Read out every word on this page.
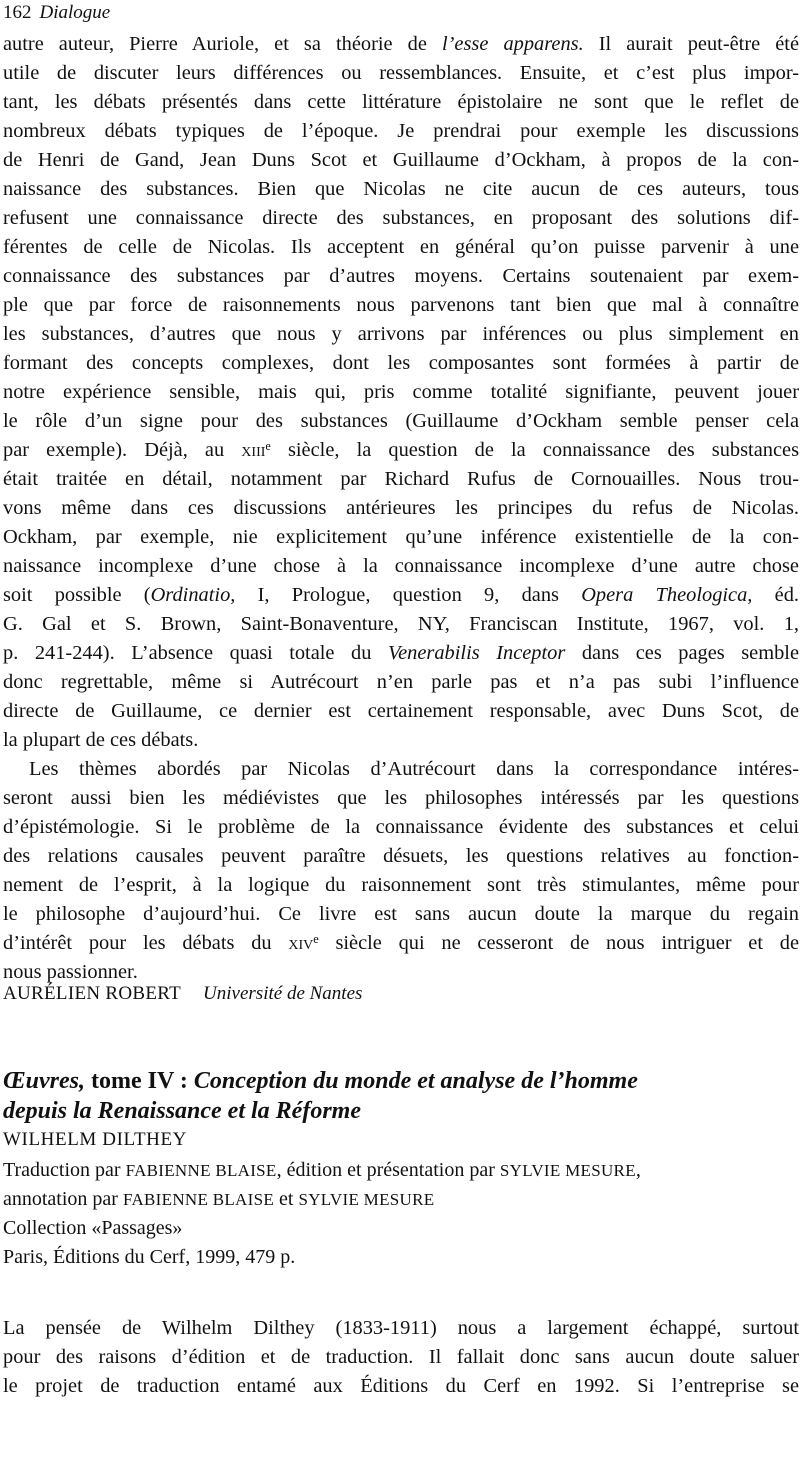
162 Dialogue
autre auteur, Pierre Auriole, et sa théorie de l’esse apparens. Il aurait peut-être été
utile de discuter leurs différences ou ressemblances. Ensuite, et c’est plus impor-
tant, les débats présentés dans cette littérature épistolaire ne sont que le reflet de
nombreux débats typiques de l’époque. Je prendrai pour exemple les discussions
de Henri de Gand, Jean Duns Scot et Guillaume d’Ockham, à propos de la con-
naissance des substances. Bien que Nicolas ne cite aucun de ces auteurs, tous
refusent une connaissance directe des substances, en proposant des solutions dif-
férentes de celle de Nicolas. Ils acceptent en général qu’on puisse parvenir à une
connaissance des substances par d’autres moyens. Certains soutenaient par exem-
ple que par force de raisonnements nous parvenons tant bien que mal à connaître
les substances, d’autres que nous y arrivons par inférences ou plus simplement en
formant des concepts complexes, dont les composantes sont formées à partir de
notre expérience sensible, mais qui, pris comme totalité signifiante, peuvent jouer
le rôle d’un signe pour des substances (Guillaume d’Ockham semble penser cela
par exemple). Déjà, au xiii$^e$ siècle, la question de la connaissance des substances
était traitée en détail, notamment par Richard Rufus de Cornouailles. Nous trou-
vons même dans ces discussions antérieures les principes du refus de Nicolas.
Ockham, par exemple, nie explicitement qu’une inférence existentielle de la con-
naissance incomplexe d’une chose à la connaissance incomplexe d’une autre chose
soit possible (Ordinatio, I, Prologue, question 9, dans Opera Theologica, éd.
G. Gal et S. Brown, Saint-Bonaventure, NY, Franciscan Institute, 1967, vol. 1,
p. 241-244). L’absence quasi totale du Venerabilis Inceptor dans ces pages semble
donc regrettable, même si Autrécourt n’en parle pas et n’a pas subi l’influence
directe de Guillaume, ce dernier est certainement responsable, avec Duns Scot, de
la plupart de ces débats.
Les thèmes abordés par Nicolas d’Autrécourt dans la correspondance intéres-
seront aussi bien les médiévistes que les philosophes intéressés par les questions
d’épistémologie. Si le problème de la connaissance évidente des substances et celui
des relations causales peuvent paraître désuets, les questions relatives au fonction-
nement de l’esprit, à la logique du raisonnement sont très stimulantes, même pour
le philosophe d’aujourd’hui. Ce livre est sans aucun doute la marque du regain
d’intérêt pour les débats du xiv$^e$ siècle qui ne cesseront de nous intriguer et de
nous passionner.
AURÉLIEN ROBERT Université de Nantes
Œuvres, tome IV : Conception du monde et analyse de l’homme
depuis la Renaissance et la Réforme
WILHELM DILTHEY
Traduction par FABIENNE BLAISE, édition et présentation par SYLVIE MESURE,
annotation par FABIENNE BLAISE et SYLVIE MESURE
Collection «Passages»
Paris, Éditions du Cerf, 1999, 479 p.
La pensée de Wilhelm Dilthey (1833-1911) nous a largement échappé, surtout
pour des raisons d’édition et de traduction. Il fallait donc sans aucun doute saluer
le projet de traduction entamé aux Éditions du Cerf en 1992. Si l’entreprise se
